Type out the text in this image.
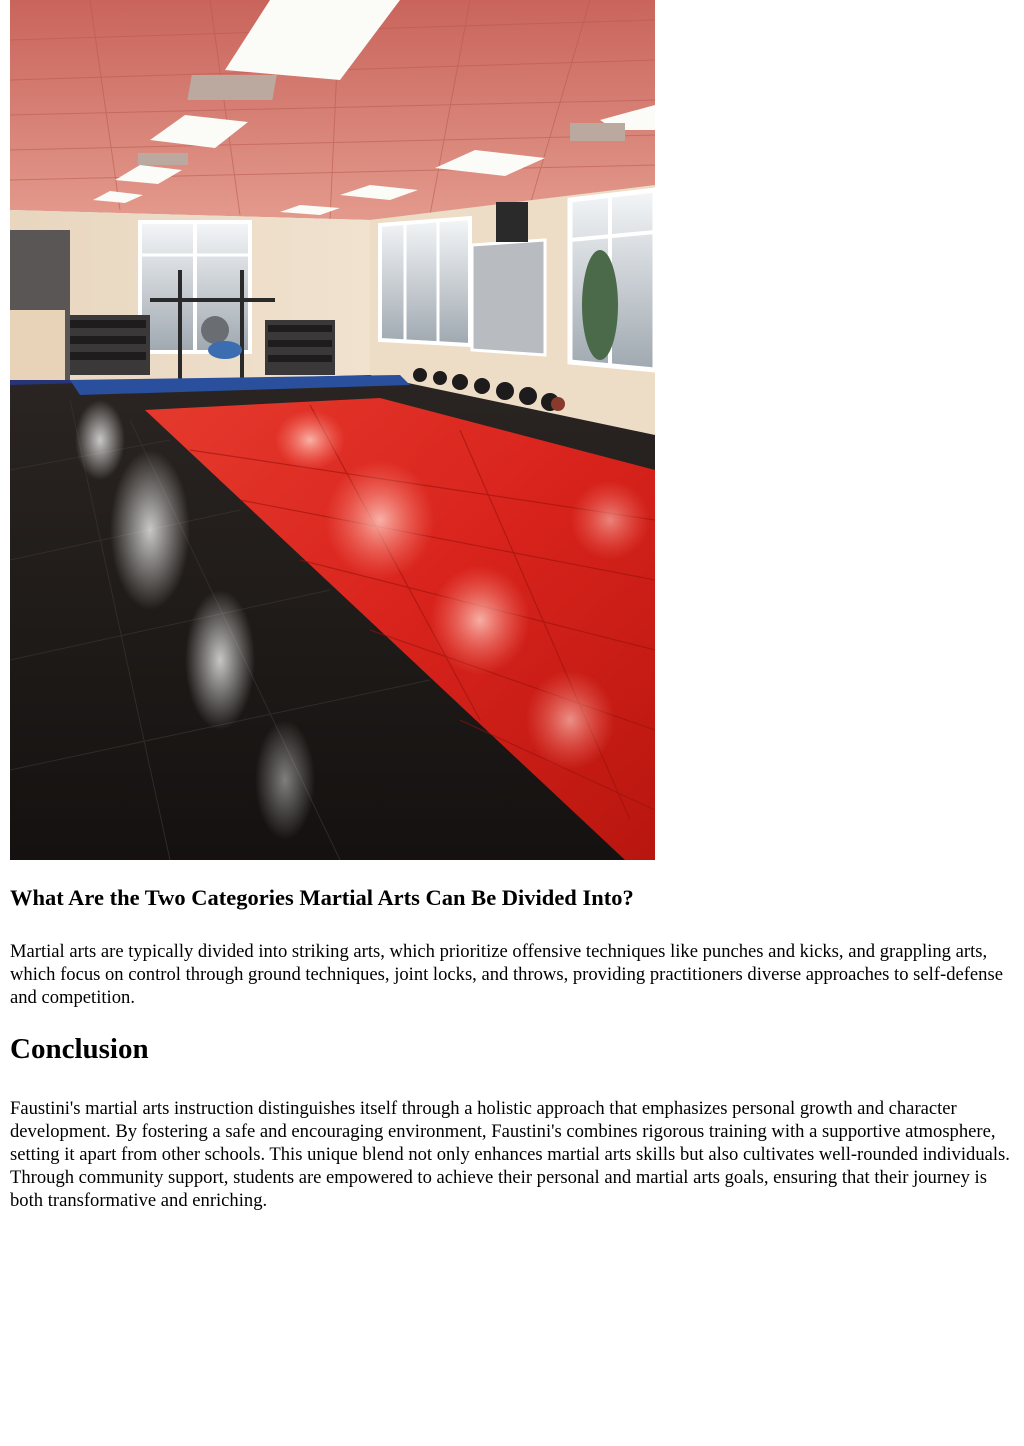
What Are the Two Categories Martial Arts Can Be Divided Into?

Martial arts are typically divided into striking arts, which prioritize offensive techniques like punches and kicks, and grappling arts, which focus on control through ground techniques, joint locks, and throws, providing practitioners diverse approaches to self-defense and competition.

Conclusion

Faustini's martial arts instruction distinguishes itself through a holistic approach that emphasizes personal growth and character development. By fostering a safe and encouraging environment, Faustini's combines rigorous training with a supportive atmosphere, setting it apart from other schools. This unique blend not only enhances martial arts skills but also cultivates well-rounded individuals. Through community support, students are empowered to achieve their personal and martial arts goals, ensuring that their journey is both transformative and enriching.
